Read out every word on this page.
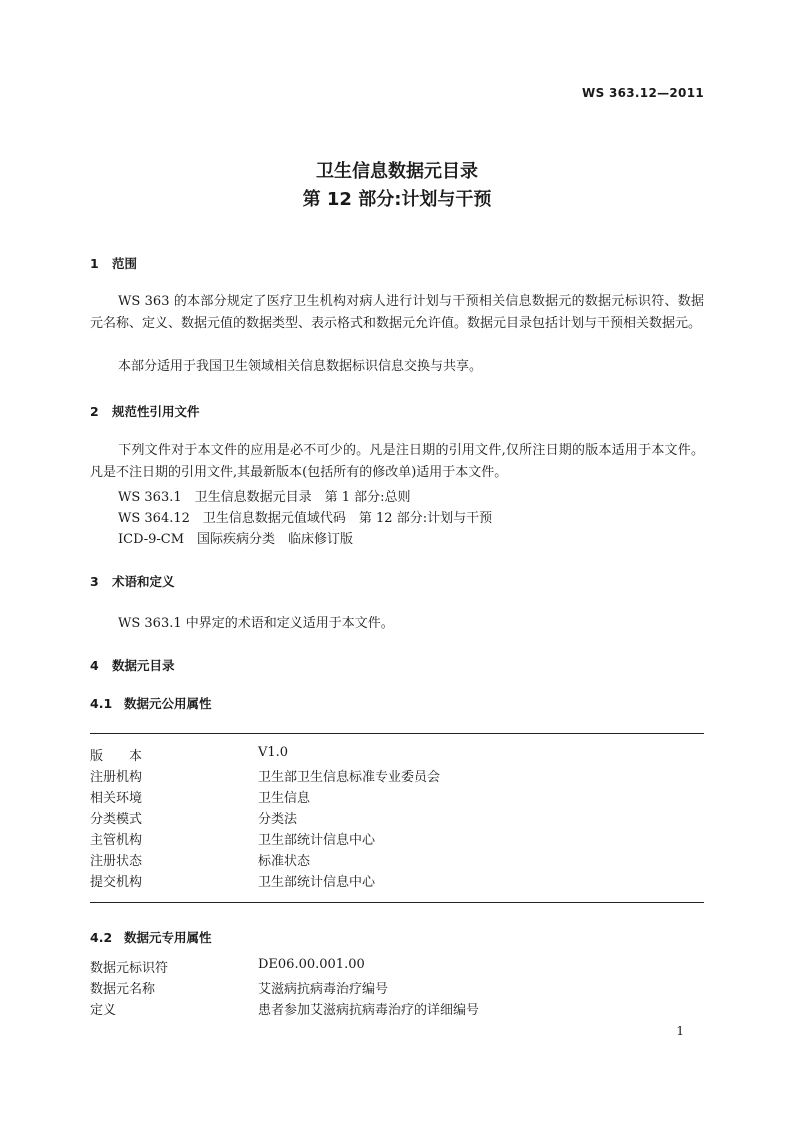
WS 363.12—2011
卫生信息数据元目录
第 12 部分:计划与干预
1 范围
WS 363 的本部分规定了医疗卫生机构对病人进行计划与干预相关信息数据元的数据元标识符、数据元名称、定义、数据元值的数据类型、表示格式和数据元允许值。数据元目录包括计划与干预相关数据元。
本部分适用于我国卫生领域相关信息数据标识信息交换与共享。
2 规范性引用文件
下列文件对于本文件的应用是必不可少的。凡是注日期的引用文件,仅所注日期的版本适用于本文件。凡是不注日期的引用文件,其最新版本(包括所有的修改单)适用于本文件。
WS 363.1　卫生信息数据元目录　第 1 部分:总则
WS 364.12　卫生信息数据元值域代码　第 12 部分:计划与干预
ICD-9-CM　国际疾病分类　临床修订版
3 术语和定义
WS 363.1 中界定的术语和定义适用于本文件。
4 数据元目录
4.1 数据元公用属性
版　　本	V1.0
注册机构	卫生部卫生信息标准专业委员会
相关环境	卫生信息
分类模式	分类法
主管机构	卫生部统计信息中心
注册状态	标准状态
提交机构	卫生部统计信息中心
4.2 数据元专用属性
数据元标识符	DE06.00.001.00
数据元名称	艾滋病抗病毒治疗编号
定义	患者参加艾滋病抗病毒治疗的详细编号
1
